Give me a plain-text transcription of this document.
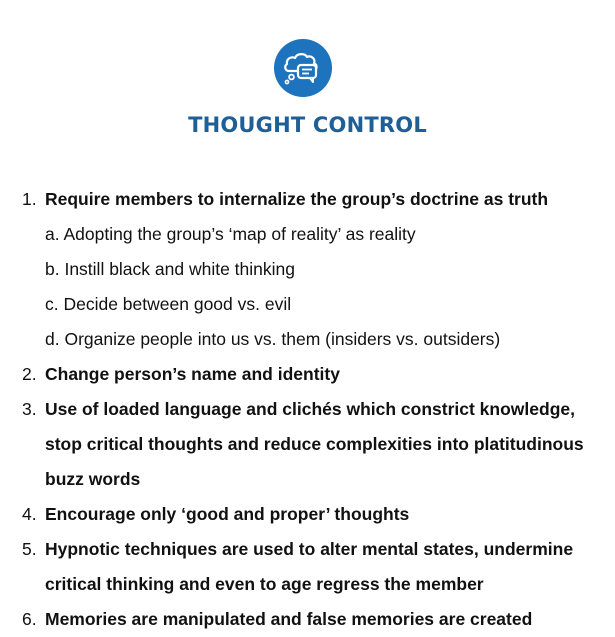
THOUGHT CONTROL
1. Require members to internalize the group’s doctrine as truth
a. Adopting the group’s ‘map of reality’ as reality
b. Instill black and white thinking
c. Decide between good vs. evil
d. Organize people into us vs. them (insiders vs. outsiders)
2. Change person’s name and identity
3. Use of loaded language and clichés which constrict knowledge,
stop critical thoughts and reduce complexities into platitudinous
buzz words
4. Encourage only ‘good and proper’ thoughts
5. Hypnotic techniques are used to alter mental states, undermine
critical thinking and even to age regress the member
6. Memories are manipulated and false memories are created
